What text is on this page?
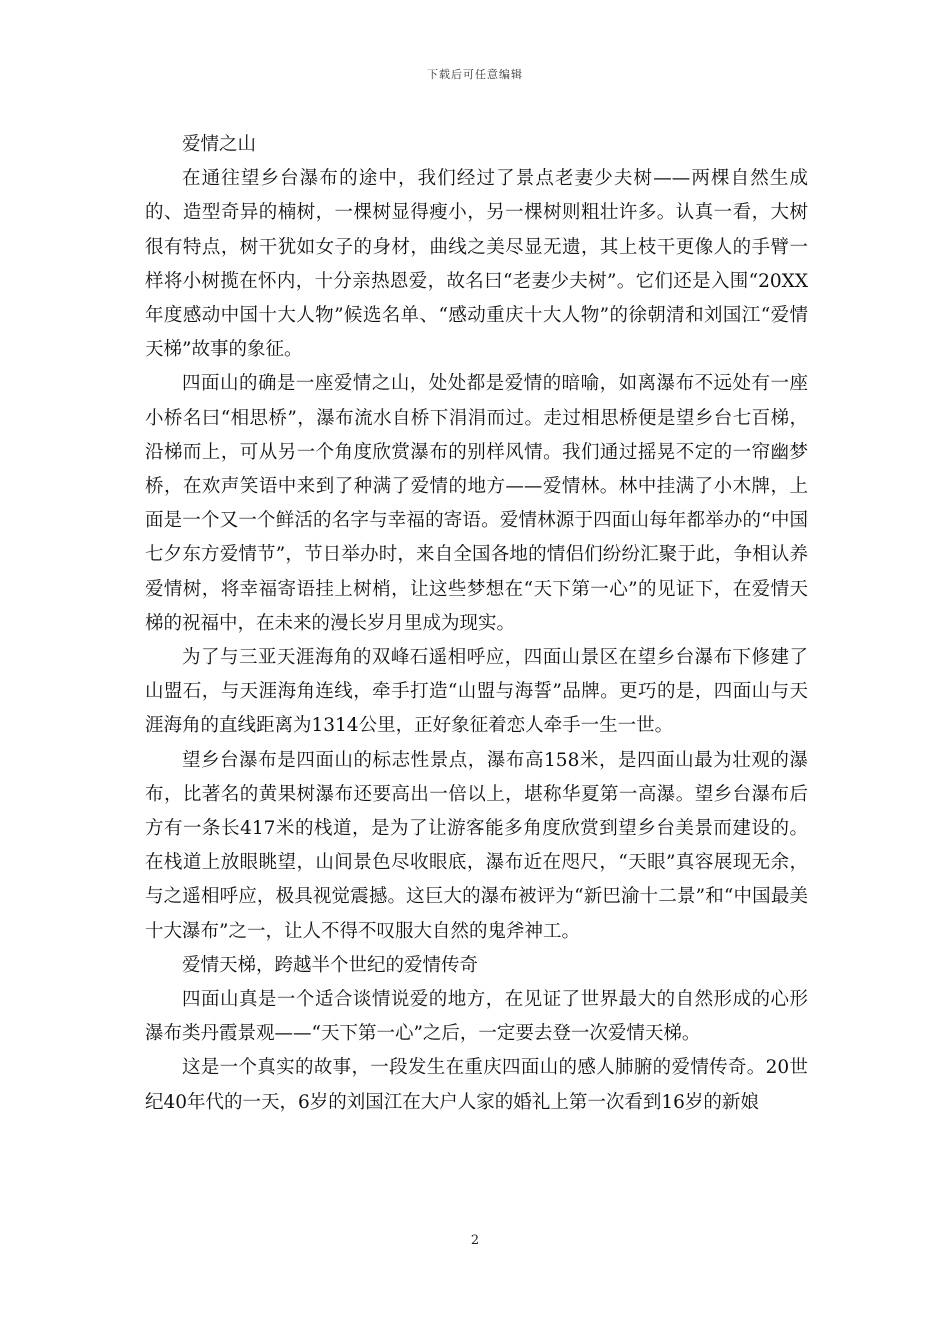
下载后可任意编辑

爱情之山

在通往望乡台瀑布的途中，我们经过了景点老妻少夫树——两棵自然生成的、造型奇异的楠树，一棵树显得瘦小，另一棵树则粗壮许多。认真一看，大树很有特点，树干犹如女子的身材，曲线之美尽显无遗，其上枝干更像人的手臂一样将小树揽在怀内，十分亲热恩爱，故名曰“老妻少夫树”。它们还是入围“20XX年度感动中国十大人物”候选名单、“感动重庆十大人物”的徐朝清和刘国江“爱情天梯”故事的象征。

四面山的确是一座爱情之山，处处都是爱情的暗喻，如离瀑布不远处有一座小桥名曰“相思桥”，瀑布流水自桥下涓涓而过。走过相思桥便是望乡台七百梯，沿梯而上，可从另一个角度欣赏瀑布的别样风情。我们通过摇晃不定的一帘幽梦桥，在欢声笑语中来到了种满了爱情的地方——爱情林。林中挂满了小木牌，上面是一个又一个鲜活的名字与幸福的寄语。爱情林源于四面山每年都举办的“中国七夕东方爱情节”，节日举办时，来自全国各地的情侣们纷纷汇聚于此，争相认养爱情树，将幸福寄语挂上树梢，让这些梦想在“天下第一心”的见证下，在爱情天梯的祝福中，在未来的漫长岁月里成为现实。

为了与三亚天涯海角的双峰石遥相呼应，四面山景区在望乡台瀑布下修建了山盟石，与天涯海角连线，牵手打造“山盟与海誓”品牌。更巧的是，四面山与天涯海角的直线距离为1314公里，正好象征着恋人牵手一生一世。

望乡台瀑布是四面山的标志性景点，瀑布高158米，是四面山最为壮观的瀑布，比著名的黄果树瀑布还要高出一倍以上，堪称华夏第一高瀑。望乡台瀑布后方有一条长417米的栈道，是为了让游客能多角度欣赏到望乡台美景而建设的。在栈道上放眼眺望，山间景色尽收眼底，瀑布近在咫尺，“天眼”真容展现无余，与之遥相呼应，极具视觉震撼。这巨大的瀑布被评为“新巴渝十二景”和“中国最美十大瀑布”之一，让人不得不叹服大自然的鬼斧神工。

爱情天梯，跨越半个世纪的爱情传奇

四面山真是一个适合谈情说爱的地方，在见证了世界最大的自然形成的心形瀑布类丹霞景观——“天下第一心”之后，一定要去登一次爱情天梯。

这是一个真实的故事，一段发生在重庆四面山的感人肺腑的爱情传奇。20世纪40年代的一天，6岁的刘国江在大户人家的婚礼上第一次看到16岁的新娘

2
